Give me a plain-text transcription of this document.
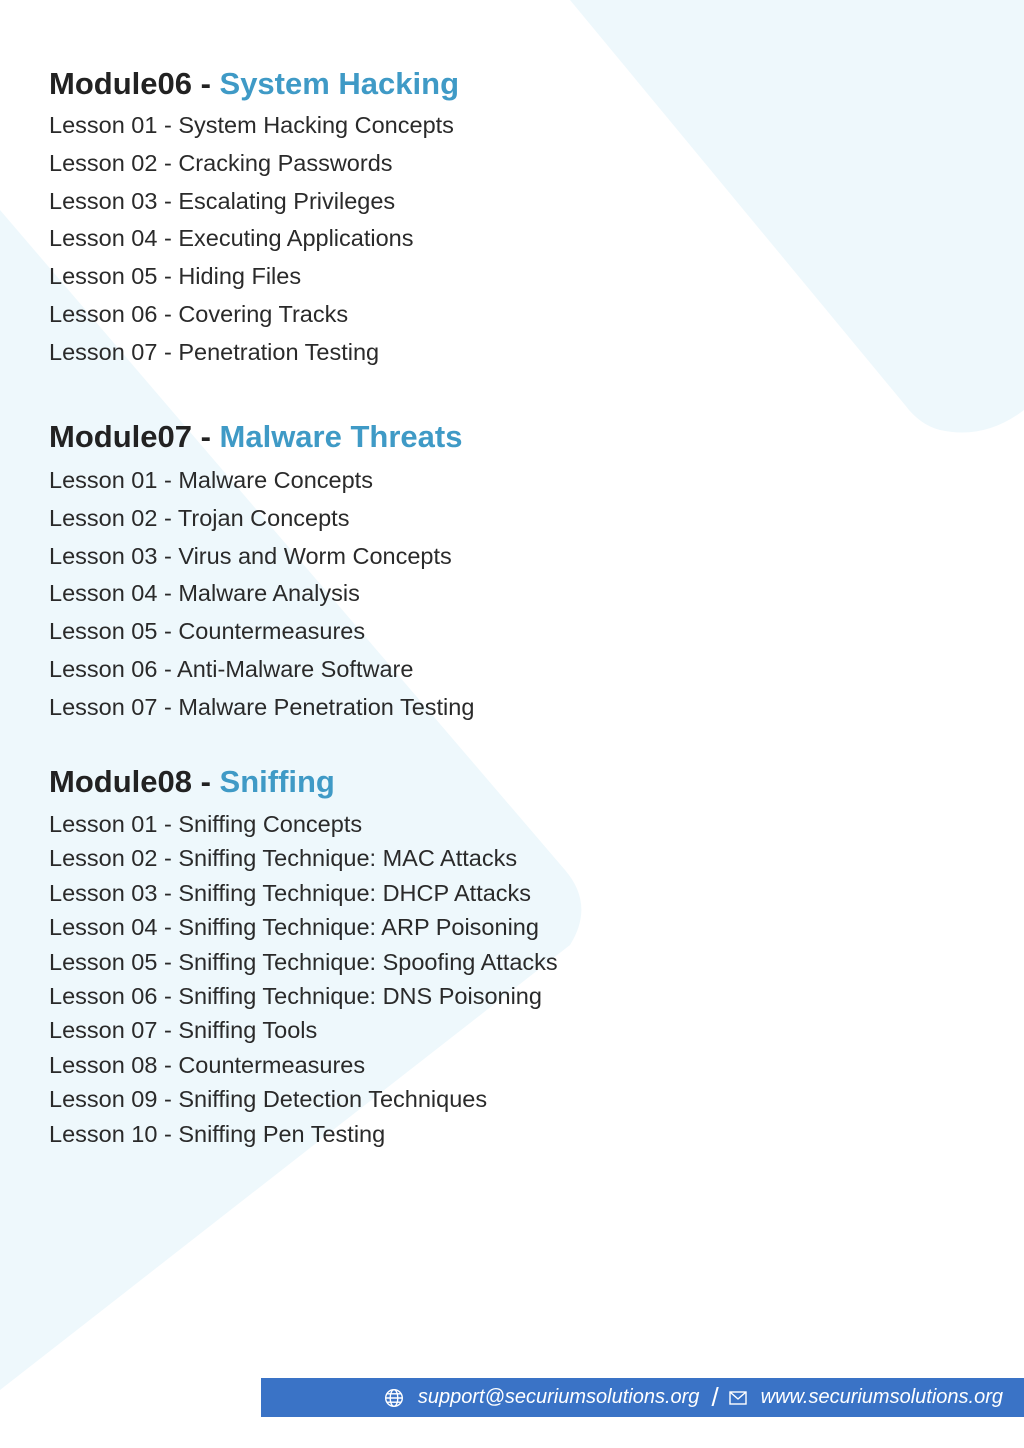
Module06 - System Hacking

Lesson 01 - System Hacking Concepts

Lesson 02 - Cracking Passwords

Lesson 03 - Escalating Privileges

Lesson 04 - Executing Applications

Lesson 05 - Hiding Files

Lesson 06 - Covering Tracks

Lesson 07 - Penetration Testing

Module07 - Malware Threats

Lesson 01 - Malware Concepts

Lesson 02 - Trojan Concepts

Lesson 03 - Virus and Worm Concepts

Lesson 04 - Malware Analysis

Lesson 05 - Countermeasures

Lesson 06 - Anti-Malware Software

Lesson 07 - Malware Penetration Testing

Module08 - Sniffing

Lesson 01 - Sniffing Concepts

Lesson 02 - Sniffing Technique: MAC Attacks

Lesson 03 - Sniffing Technique: DHCP Attacks

Lesson 04 - Sniffing Technique: ARP Poisoning

Lesson 05 - Sniffing Technique: Spoofing Attacks

Lesson 06 - Sniffing Technique: DNS Poisoning

Lesson 07 - Sniffing Tools

Lesson 08 - Countermeasures

Lesson 09 - Sniffing Detection Techniques

Lesson 10 - Sniffing Pen Testing

support@securiumsolutions.org / www.securiumsolutions.org
